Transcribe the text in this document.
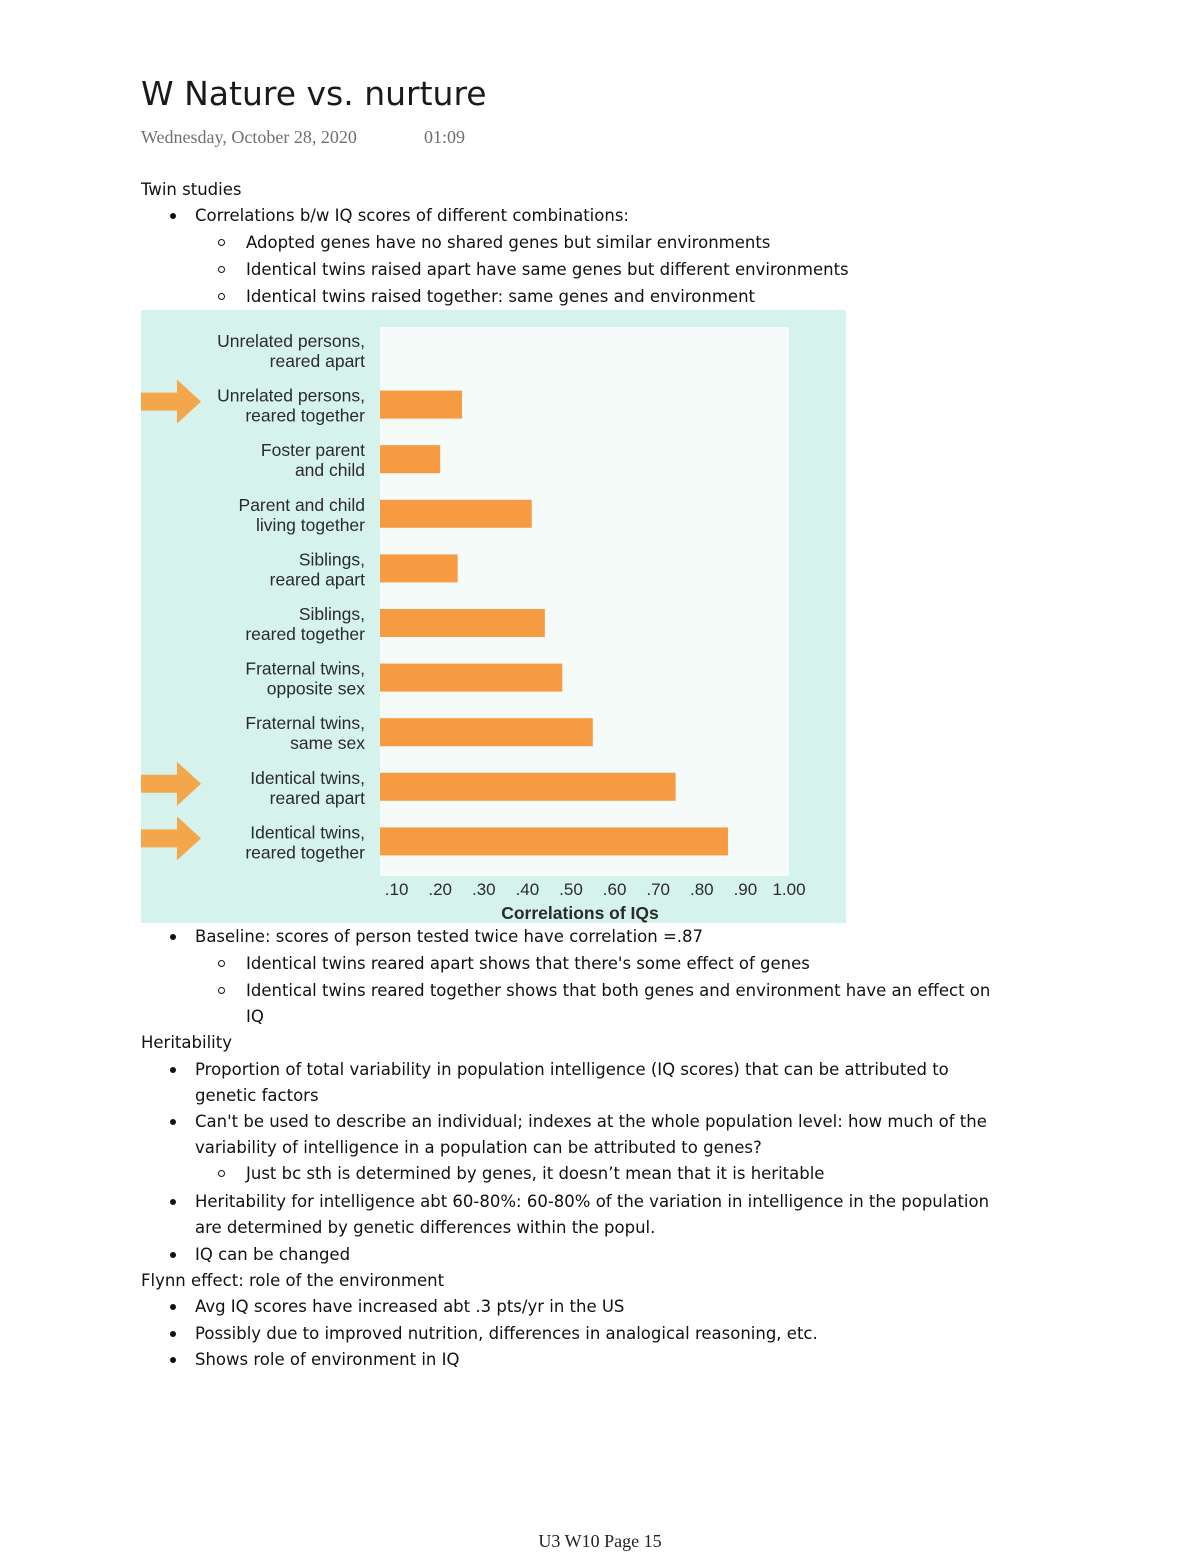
W Nature vs. nurture
Wednesday, October 28, 2020	01:09
Twin studies
Correlations b/w IQ scores of different combinations:
Adopted genes have no shared genes but similar environments
Identical twins raised apart have same genes but different environments
Identical twins raised together: same genes and environment
Baseline: scores of person tested twice have correlation =.87
Identical twins reared apart shows that there's some effect of genes
Identical twins reared together shows that both genes and environment have an effect on
IQ
Heritability
Proportion of total variability in population intelligence (IQ scores) that can be attributed to
genetic factors
Can't be used to describe an individual; indexes at the whole population level: how much of the
variability of intelligence in a population can be attributed to genes?
Just bc sth is determined by genes, it doesn’t mean that it is heritable
Heritability for intelligence abt 60-80%: 60-80% of the variation in intelligence in the population
are determined by genetic differences within the popul.
IQ can be changed
Flynn effect: role of the environment
Avg IQ scores have increased abt .3 pts/yr in the US
Possibly due to improved nutrition, differences in analogical reasoning, etc.
Shows role of environment in IQ
Unrelated persons,
reared apart
Unrelated persons,
reared together
Foster parent
and child
Parent and child
living together
Siblings,
reared apart
Siblings,
reared together
Fraternal twins,
opposite sex
Fraternal twins,
same sex
Identical twins,
reared apart
Identical twins,
reared together
.10 .20 .30 .40 .50 .60 .70 .80 .90 1.00
Correlations of IQs
U3 W10 Page 15
